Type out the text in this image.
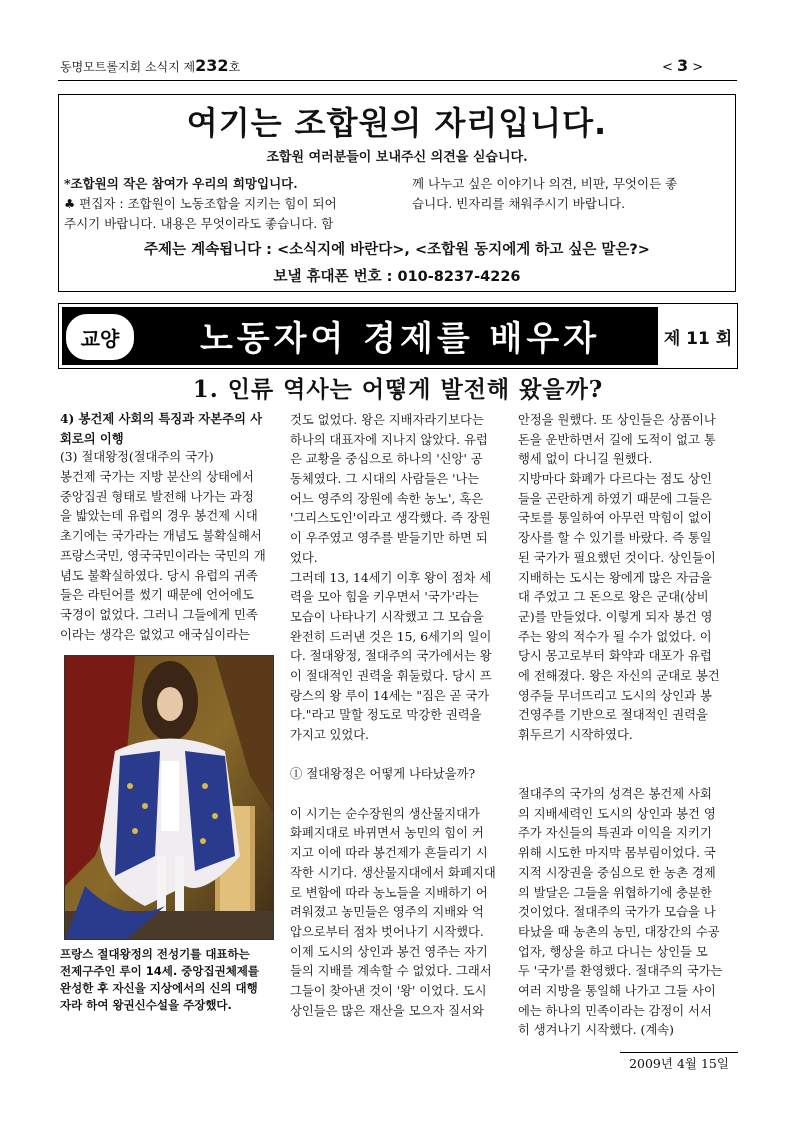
동명모트롤지회 소식지 제232호	< 3 >
여기는 조합원의 자리입니다.
조합원 여러분들이 보내주신 의견을 싣습니다.
*조합원의 작은 참여가 우리의 희망입니다.
♣ 편집자 : 조합원이 노동조합을 지키는 힘이 되어
주시기 바랍니다. 내용은 무엇이라도 좋습니다. 함
께 나누고 싶은 이야기나 의견, 비판, 무엇이든 좋
습니다. 빈자리를 채워주시기 바랍니다.
주제는 계속됩니다 : <소식지에 바란다>, <조합원 동지에게 하고 싶은 말은?>
보낼 휴대폰 번호 : 010-8237-4226
교양	노동자여 경제를 배우자	제 11 회
1. 인류 역사는 어떻게 발전해 왔을까?
4) 봉건제 사회의 특징과 자본주의 사
회로의 이행
(3) 절대왕정(절대주의 국가)
봉건제 국가는 지방 분산의 상태에서
중앙집권 형태로 발전해 나가는 과정
을 밟았는데 유럽의 경우 봉건제 시대
초기에는 국가라는 개념도 불확실해서
프랑스국민, 영국국민이라는 국민의 개
념도 불확실하였다. 당시 유럽의 귀족
들은 라틴어를 썼기 때문에 언어에도
국경이 없었다. 그러니 그들에게 민족
이라는 생각은 없었고 애국심이라는
것도 없었다. 왕은 지배자라기보다는
하나의 대표자에 지나지 않았다. 유럽
은 교황을 중심으로 하나의 '신앙' 공
동체였다. 그 시대의 사람들은 '나는
어느 영주의 장원에 속한 농노', 혹은
'그리스도인'이라고 생각했다. 즉 장원
이 우주였고 영주를 받들기만 하면 되
었다.
그러데 13, 14세기 이후 왕이 점차 세
력을 모아 힘을 키우면서 '국가'라는
모습이 나타나기 시작했고 그 모습을
완전히 드러낸 것은 15, 6세기의 일이
다. 절대왕정, 절대주의 국가에서는 왕
이 절대적인 권력을 휘둘렀다. 당시 프
랑스의 왕 루이 14세는 "짐은 곧 국가
다."라고 말할 정도로 막강한 권력을
가지고 있었다.
① 절대왕정은 어떻게 나타났을까?
이 시기는 순수장원의 생산물지대가
화폐지대로 바뀌면서 농민의 힘이 커
지고 이에 따라 봉건제가 흔들리기 시
작한 시기다. 생산물지대에서 화폐지대
로 변함에 따라 농노들을 지배하기 어
려워졌고 농민들은 영주의 지배와 억
압으로부터 점차 벗어나기 시작했다.
이제 도시의 상인과 봉건 영주는 자기
들의 지배를 계속할 수 없었다. 그래서
그들이 찾아낸 것이 '왕' 이었다. 도시
상인들은 많은 재산을 모으자 질서와
안정을 원했다. 또 상인들은 상품이나
돈을 운반하면서 길에 도적이 없고 통
행세 없이 다니길 원했다.
지방마다 화폐가 다르다는 점도 상인
들을 곤란하게 하였기 때문에 그들은
국토를 통일하여 아무런 막힘이 없이
장사를 할 수 있기를 바랐다. 즉 통일
된 국가가 필요했던 것이다. 상인들이
지배하는 도시는 왕에게 많은 자금을
대 주었고 그 돈으로 왕은 군대(상비
군)를 만들었다. 이렇게 되자 봉건 영
주는 왕의 적수가 될 수가 없었다. 이
당시 몽고로부터 화약과 대포가 유럽
에 전해졌다. 왕은 자신의 군대로 봉건
영주들 무너뜨리고 도시의 상인과 봉
건영주를 기반으로 절대적인 권력을
휘두르기 시작하였다.
절대주의 국가의 성격은 봉건제 사회
의 지배세력인 도시의 상인과 봉건 영
주가 자신들의 특권과 이익을 지키기
위해 시도한 마지막 몸부림이었다. 국
지적 시장권을 중심으로 한 농촌 경제
의 발달은 그들을 위협하기에 충분한
것이었다. 절대주의 국가가 모습을 나
타났을 때 농촌의 농민, 대장간의 수공
업자, 행상을 하고 다니는 상인들 모
두 '국가'를 환영했다. 절대주의 국가는
여러 지방을 통일해 나가고 그들 사이
에는 하나의 민족이라는 감정이 서서
히 생겨나기 시작했다. (계속)
프랑스 절대왕정의 전성기를 대표하는
전제구주인 루이 14세. 중앙집권체제를
완성한 후 자신을 지상에서의 신의 대행
자라 하여 왕권신수설을 주장했다.
2009년 4월 15일
